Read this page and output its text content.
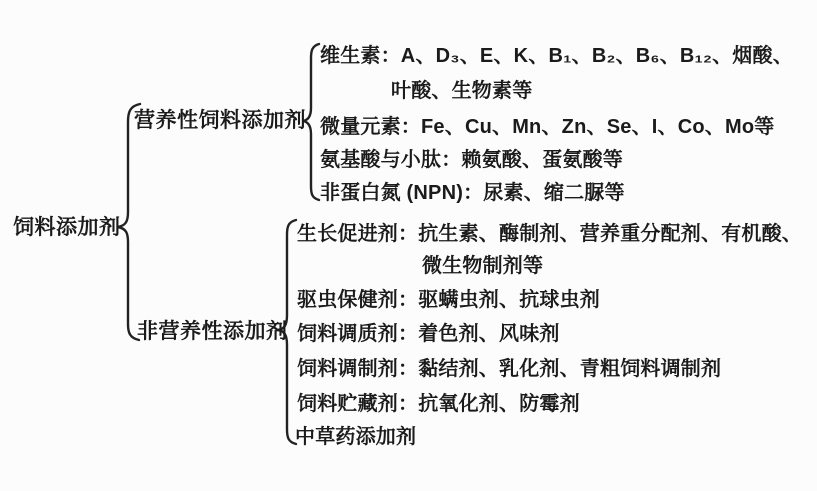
饲料添加剂
营养性饲料添加剂
非营养性添加剂
维生素：A、D₃、E、K、B₁、B₂、B₆、B₁₂、烟酸、
叶酸、生物素等
微量元素：Fe、Cu、Mn、Zn、Se、I、Co、Mo等
氨基酸与小肽：赖氨酸、蛋氨酸等
非蛋白氮 (NPN)：尿素、缩二脲等
生长促进剂：抗生素、酶制剂、营养重分配剂、有机酸、
微生物制剂等
驱虫保健剂：驱螨虫剂、抗球虫剂
饲料调质剂：着色剂、风味剂
饲料调制剂：黏结剂、乳化剂、青粗饲料调制剂
饲料贮藏剂：抗氧化剂、防霉剂
中草药添加剂
